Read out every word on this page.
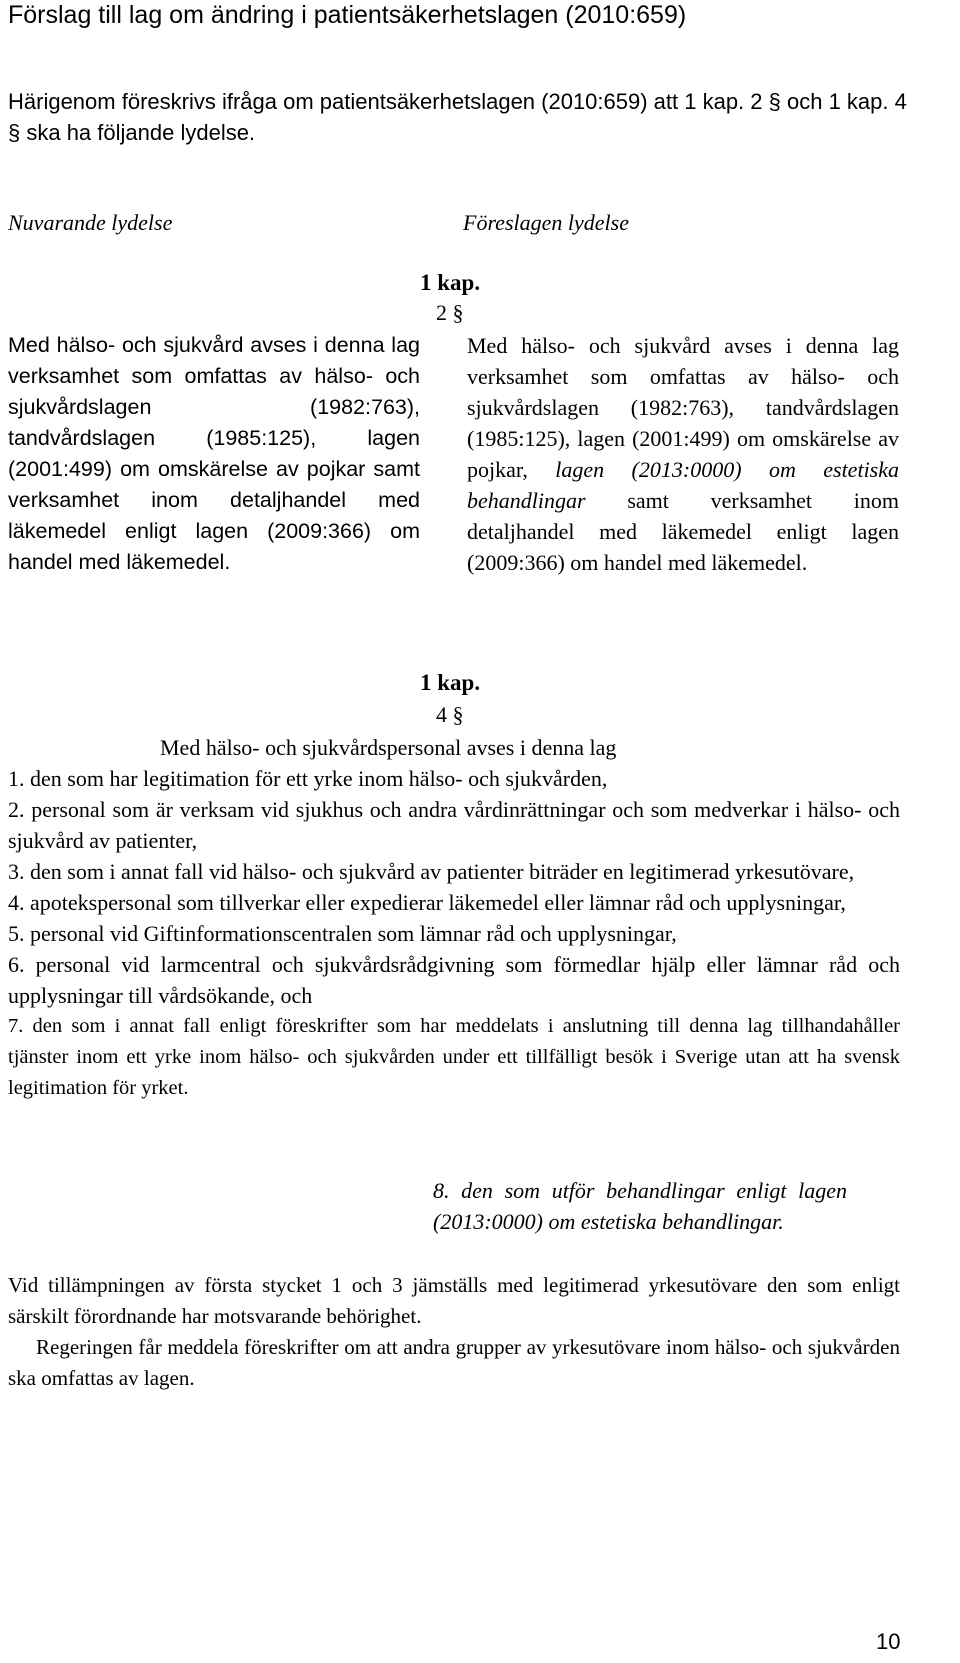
Förslag till lag om ändring i patientsäkerhetslagen (2010:659)
Härigenom föreskrivs ifråga om patientsäkerhetslagen (2010:659) att 1 kap. 2 § och 1 kap. 4 § ska ha följande lydelse.
Nuvarande lydelse	Föreslagen lydelse
1 kap.
2 §
Med hälso- och sjukvård avses i denna lag verksamhet som omfattas av hälso- och sjukvårdslagen (1982:763), tandvårdslagen (1985:125), lagen (2001:499) om omskärelse av pojkar samt verksamhet inom detaljhandel med läkemedel enligt lagen (2009:366) om handel med läkemedel.
Med hälso- och sjukvård avses i denna lag verksamhet som omfattas av hälso- och sjukvårdslagen (1982:763), tandvårdslagen (1985:125), lagen (2001:499) om omskärelse av pojkar, lagen (2013:0000) om estetiska behandlingar samt verksamhet inom detaljhandel med läkemedel enligt lagen (2009:366) om handel med läkemedel.
1 kap.
4 §
Med hälso- och sjukvårdspersonal avses i denna lag
1. den som har legitimation för ett yrke inom hälso- och sjukvården,
2. personal som är verksam vid sjukhus och andra vårdinrättningar och som medverkar i hälso- och sjukvård av patienter,
3. den som i annat fall vid hälso- och sjukvård av patienter biträder en legitimerad yrkesutövare,
4. apotekspersonal som tillverkar eller expedierar läkemedel eller lämnar råd och upplysningar,
5. personal vid Giftinformationscentralen som lämnar råd och upplysningar,
6. personal vid larmcentral och sjukvårdsrådgivning som förmedlar hjälp eller lämnar råd och upplysningar till vårdsökande, och
7. den som i annat fall enligt föreskrifter som har meddelats i anslutning till denna lag tillhandahåller tjänster inom ett yrke inom hälso- och sjukvården under ett tillfälligt besök i Sverige utan att ha svensk legitimation för yrket.
8. den som utför behandlingar enligt lagen (2013:0000) om estetiska behandlingar.
Vid tillämpningen av första stycket 1 och 3 jämställs med legitimerad yrkesutövare den som enligt särskilt förordnande har motsvarande behörighet.
Regeringen får meddela föreskrifter om att andra grupper av yrkesutövare inom hälso- och sjukvården ska omfattas av lagen.
10
